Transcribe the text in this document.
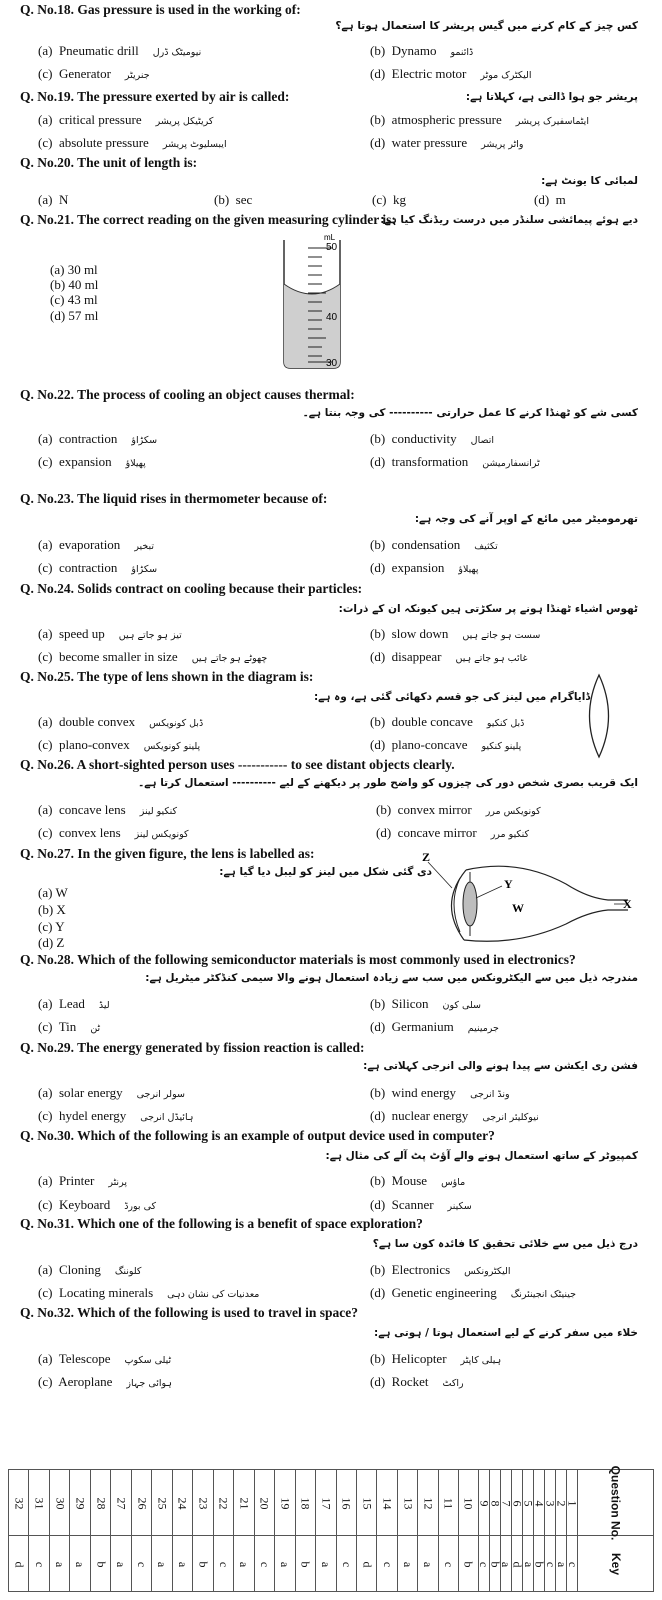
Q. No.18. Gas pressure is used in the working of:
کس چیز کے کام کرنے میں گیس پریشر کا استعمال ہوتا ہے؟
(a) Pneumatic drill نیومیٹک ڈرل	(b) Dynamo ڈائنمو
(c) Generator جنریٹر	(d) Electric motor الیکٹرک موٹر
Q. No.19. The pressure exerted by air is called:	پریشر جو ہوا ڈالتی ہے، کہلاتا ہے:
(a) critical pressure کریٹیکل پریشر	(b) atmospheric pressure ایٹماسفیرک پریشر
(c) absolute pressure ایبسلیوٹ پریشر	(d) water pressure واٹر پریشر
Q. No.20. The unit of length is:
لمبائی کا یونٹ ہے:
(a) N	(b) sec	(c) kg	(d) m
Q. No.21. The correct reading on the given measuring cylinder is:
دیے ہوئے پیمائشی سلنڈر میں درست ریڈنگ کیا ہے:
(a) 30 ml
(b) 40 ml
(c) 43 ml
(d) 57 ml
mL
50
40
30
Q. No.22. The process of cooling an object causes thermal:
کسی شے کو ٹھنڈا کرنے کا عمل حرارتی ---------- کی وجہ بنتا ہے۔
(a) contraction سکڑاؤ	(b) conductivity اتصال
(c) expansion پھیلاؤ	(d) transformation ٹرانسفارمیشن
Q. No.23. The liquid rises in thermometer because of:
تھرمومیٹر میں مائع کے اوپر آنے کی وجہ ہے:
(a) evaporation تبخیر	(b) condensation تکثیف
(c) contraction سکڑاؤ	(d) expansion پھیلاؤ
Q. No.24. Solids contract on cooling because their particles:
ٹھوس اشیاء ٹھنڈا ہونے پر سکڑتی ہیں کیونکہ ان کے ذرات:
(a) speed up تیز ہو جاتے ہیں	(b) slow down سست ہو جاتے ہیں
(c) become smaller in size چھوٹے ہو جاتے ہیں	(d) disappear غائب ہو جاتے ہیں
Q. No.25. The type of lens shown in the diagram is:
ڈایاگرام میں لینز کی جو قسم دکھائی گئی ہے، وہ ہے:
(a) double convex ڈبل کونویکس	(b) double concave ڈبل کنکیو
(c) plano-convex پلینو کونویکس	(d) plano-concave پلینو کنکیو
Q. No.26. A short-sighted person uses ----------- to see distant objects clearly.
ایک قریب بصری شخص دور کی چیزوں کو واضح طور پر دیکھنے کے لیے ---------- استعمال کرتا ہے۔
(a) concave lens کنکیو لینز	(b) convex mirror کونویکس مرر
(c) convex lens کونویکس لینز	(d) concave mirror کنکیو مرر
Q. No.27. In the given figure, the lens is labelled as:
دی گئی شکل میں لینز کو لیبل دیا گیا ہے:
(a) W
(b) X
(c) Y
(d) Z
Z
Y
W	X
Q. No.28. Which of the following semiconductor materials is most commonly used in electronics?
مندرجہ ذیل میں سے الیکٹرونکس میں سب سے زیادہ استعمال ہونے والا سیمی کنڈکٹر میٹریل ہے:
(a) Lead لیڈ	(b) Silicon سلی کون
(c) Tin ٹن	(d) Germanium جرمینیم
Q. No.29. The energy generated by fission reaction is called:
فشن ری ایکشن سے پیدا ہونے والی انرجی کہلاتی ہے:
(a) solar energy سولر انرجی	(b) wind energy ونڈ انرجی
(c) hydel energy ہائیڈل انرجی	(d) nuclear energy نیوکلیئر انرجی
Q. No.30. Which of the following is an example of output device used in computer?
کمپیوٹر کے ساتھ استعمال ہونے والے آؤٹ پٹ آلے کی مثال ہے:
(a) Printer پرنٹر	(b) Mouse ماؤس
(c) Keyboard کی بورڈ	(d) Scanner سکینر
Q. No.31. Which one of the following is a benefit of space exploration?
درج ذیل میں سے خلائی تحقیق کا فائدہ کون سا ہے؟
(a) Cloning کلوننگ	(b) Electronics الیکٹرونکس
(c) Locating minerals معدنیات کی نشان دہی	(d) Genetic engineering جینیٹک انجینئرنگ
Q. No.32. Which of the following is used to travel in space?
خلاء میں سفر کرنے کے لیے استعمال ہوتا / ہوتی ہے:
(a) Telescope ٹیلی سکوپ	(b) Helicopter ہیلی کاپٹر
(c) Aeroplane ہوائی جہاز	(d) Rocket راکٹ
32	31	30	29	28	27	26	25	24	23	22	21	20	19	18	17	16	15	14	13	12	11	10	9	8	7	6	5	4	3	2	1	Question No.
d	c	a	a	b	a	c	a	a	b	c	a	c	a	b	a	c	d	c	a	a	c	b	c	b	a	d	a	b	c	a	c	Key
